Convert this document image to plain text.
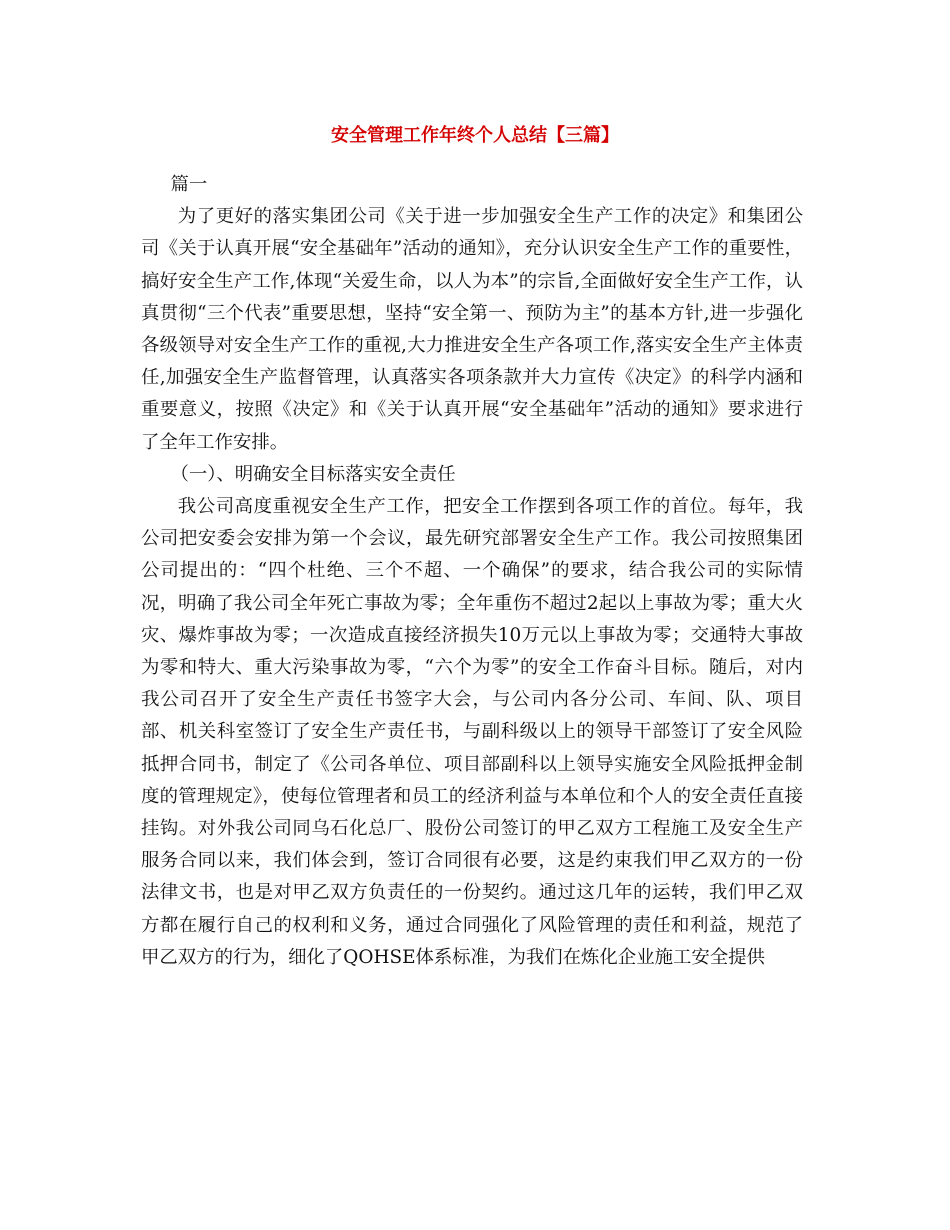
安全管理工作年终个人总结【三篇】

篇一

为了更好的落实集团公司《关于进一步加强安全生产工作的决定》和集团公司《关于认真开展“安全基础年”活动的通知》，充分认识安全生产工作的重要性，搞好安全生产工作,体现“关爱生命，以人为本”的宗旨,全面做好安全生产工作，认真贯彻“三个代表”重要思想，坚持“安全第一、预防为主”的基本方针,进一步强化各级领导对安全生产工作的重视,大力推进安全生产各项工作,落实安全生产主体责任,加强安全生产监督管理，认真落实各项条款并大力宣传《决定》的科学内涵和重要意义，按照《决定》和《关于认真开展“安全基础年”活动的通知》要求进行了全年工作安排。

（一）、明确安全目标落实安全责任

我公司高度重视安全生产工作，把安全工作摆到各项工作的首位。每年，我公司把安委会安排为第一个会议，最先研究部署安全生产工作。我公司按照集团公司提出的：“四个杜绝、三个不超、一个确保”的要求，结合我公司的实际情况，明确了我公司全年死亡事故为零；全年重伤不超过2起以上事故为零；重大火灾、爆炸事故为零；一次造成直接经济损失10万元以上事故为零；交通特大事故为零和特大、重大污染事故为零，“六个为零”的安全工作奋斗目标。随后，对内我公司召开了安全生产责任书签字大会，与公司内各分公司、车间、队、项目部、机关科室签订了安全生产责任书，与副科级以上的领导干部签订了安全风险抵押合同书，制定了《公司各单位、项目部副科以上领导实施安全风险抵押金制度的管理规定》，使每位管理者和员工的经济利益与本单位和个人的安全责任直接挂钩。对外我公司同乌石化总厂、股份公司签订的甲乙双方工程施工及安全生产服务合同以来，我们体会到，签订合同很有必要，这是约束我们甲乙双方的一份法律文书，也是对甲乙双方负责任的一份契约。通过这几年的运转，我们甲乙双方都在履行自己的权利和义务，通过合同强化了风险管理的责任和利益，规范了甲乙双方的行为，细化了QOHSE体系标准，为我们在炼化企业施工安全提供
